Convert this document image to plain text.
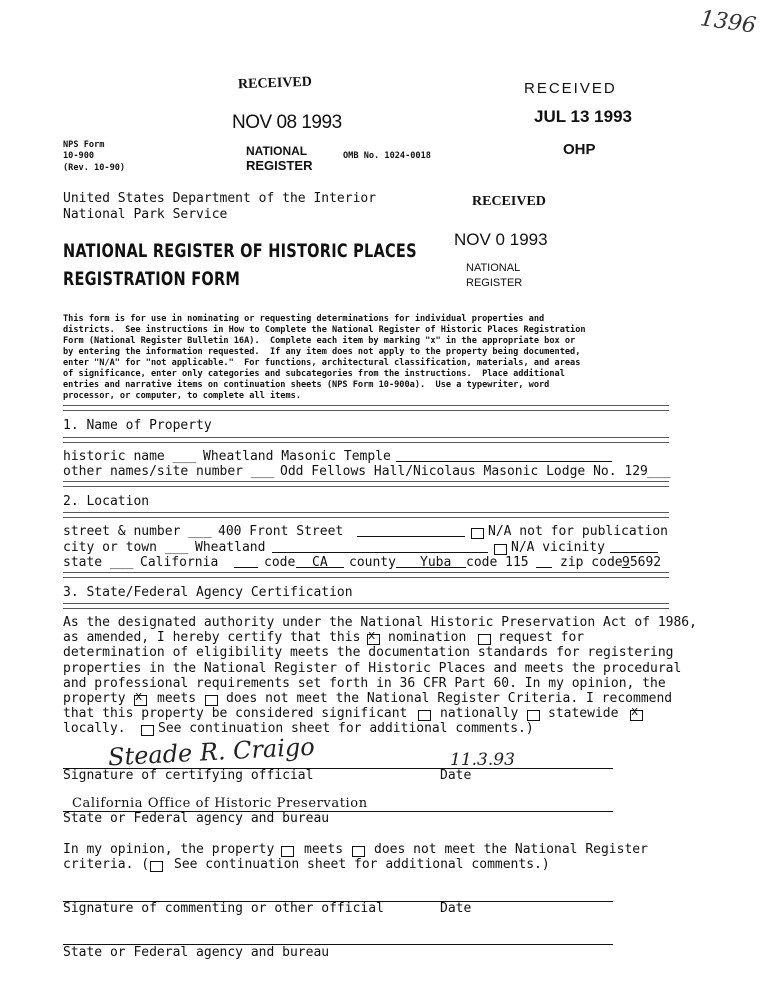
1396
RECEIVED
NOV 08 1993
NATIONAL
REGISTER
RECEIVED
JUL 13 1993
OHP
RECEIVED
NOV 0 1993
NATIONAL
REGISTER
NPS Form
10-900
(Rev. 10-90)
OMB No. 1024-0018
United States Department of the Interior
National Park Service
NATIONAL REGISTER OF HISTORIC PLACES
REGISTRATION FORM
This form is for use in nominating or requesting determinations for individual properties and
districts.  See instructions in How to Complete the National Register of Historic Places Registration
Form (National Register Bulletin 16A).  Complete each item by marking "x" in the appropriate box or
by entering the information requested.  If any item does not apply to the property being documented,
enter "N/A" for "not applicable."  For functions, architectural classification, materials, and areas
of significance, enter only categories and subcategories from the instructions.  Place additional
entries and narrative items on continuation sheets (NPS Form 10-900a).  Use a typewriter, word
processor, or computer, to complete all items.
1. Name of Property
historic name ___ Wheatland Masonic Temple
other names/site number ___ Odd Fellows Hall/Nicolaus Masonic Lodge No. 129 ___
2. Location
street & number ___ 400 Front Street	N/A not for publication
city or town ___ Wheatland	N/A vicinity
state ___ California	code CA county Yuba code 115 zip code 95692
3. State/Federal Agency Certification
As the designated authority under the National Historic Preservation Act of 1986,
as amended, I hereby certify that this x nomination request for
determination of eligibility meets the documentation standards for registering
properties in the National Register of Historic Places and meets the procedural
and professional requirements set forth in 36 CFR Part 60. In my opinion, the
property x meets does not meet the National Register Criteria. I recommend
that this property be considered significant	nationally statewide x
locally. See continuation sheet for additional comments.)
Steade R. Craigo	11.3.93
Signature of certifying official	Date
California Office of Historic Preservation
State or Federal agency and bureau
In my opinion, the property meets does not meet the National Register
criteria. ( See continuation sheet for additional comments.)
Signature of commenting or other official	Date
State or Federal agency and bureau
